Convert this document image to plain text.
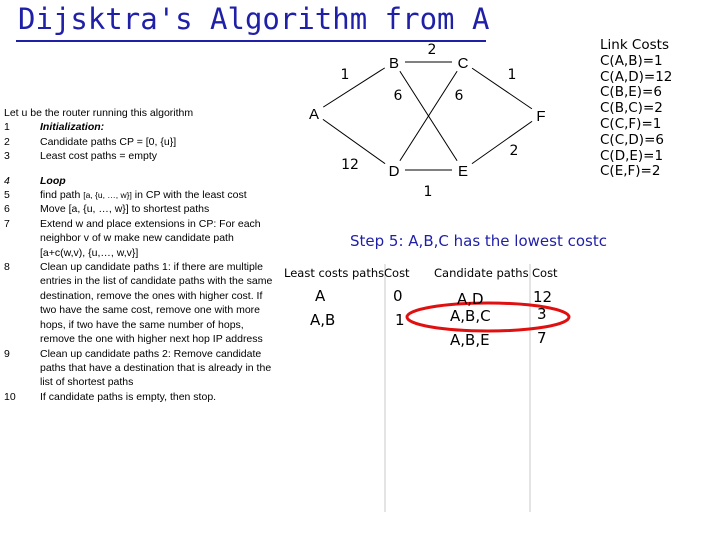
Dijsktra's Algorithm from A
Link Costs
C(A,B)=1
C(A,D)=12
C(B,E)=6
C(B,C)=2
C(C,F)=1
C(C,D)=6
C(D,E)=1
C(E,F)=2
A
B	C
D	E
F
1
2
1
6	6
12
2
1
Let u be the router running this algorithm
1	Initialization:
2	Candidate paths CP = [0, {u}]
3	Least cost paths = empty
4	Loop
5	find path [a, {u, …, w}] in CP with the least cost
6	Move [a, {u, …, w}] to shortest paths
7	Extend w and place extensions in CP: For each neighbor v of w make new candidate path [a+c(w,v), {u,…, w,v}]
8	Clean up candidate paths 1: if there are multiple entries in the list of candidate paths with the same destination, remove the ones with higher cost. If two have the same cost, remove one with more hops, if two have the same number of hops, remove the one with higher next hop IP address
9	Clean up candidate paths 2: Remove candidate paths that have a destination that is already in the list of shortest paths
10	If candidate paths is empty, then stop.
Step 5: A,B,C has the lowest costc
Least costs paths Cost
A	0
A,B	1
Candidate paths Cost
A,D	12
A,B,C	3
A,B,E	7
